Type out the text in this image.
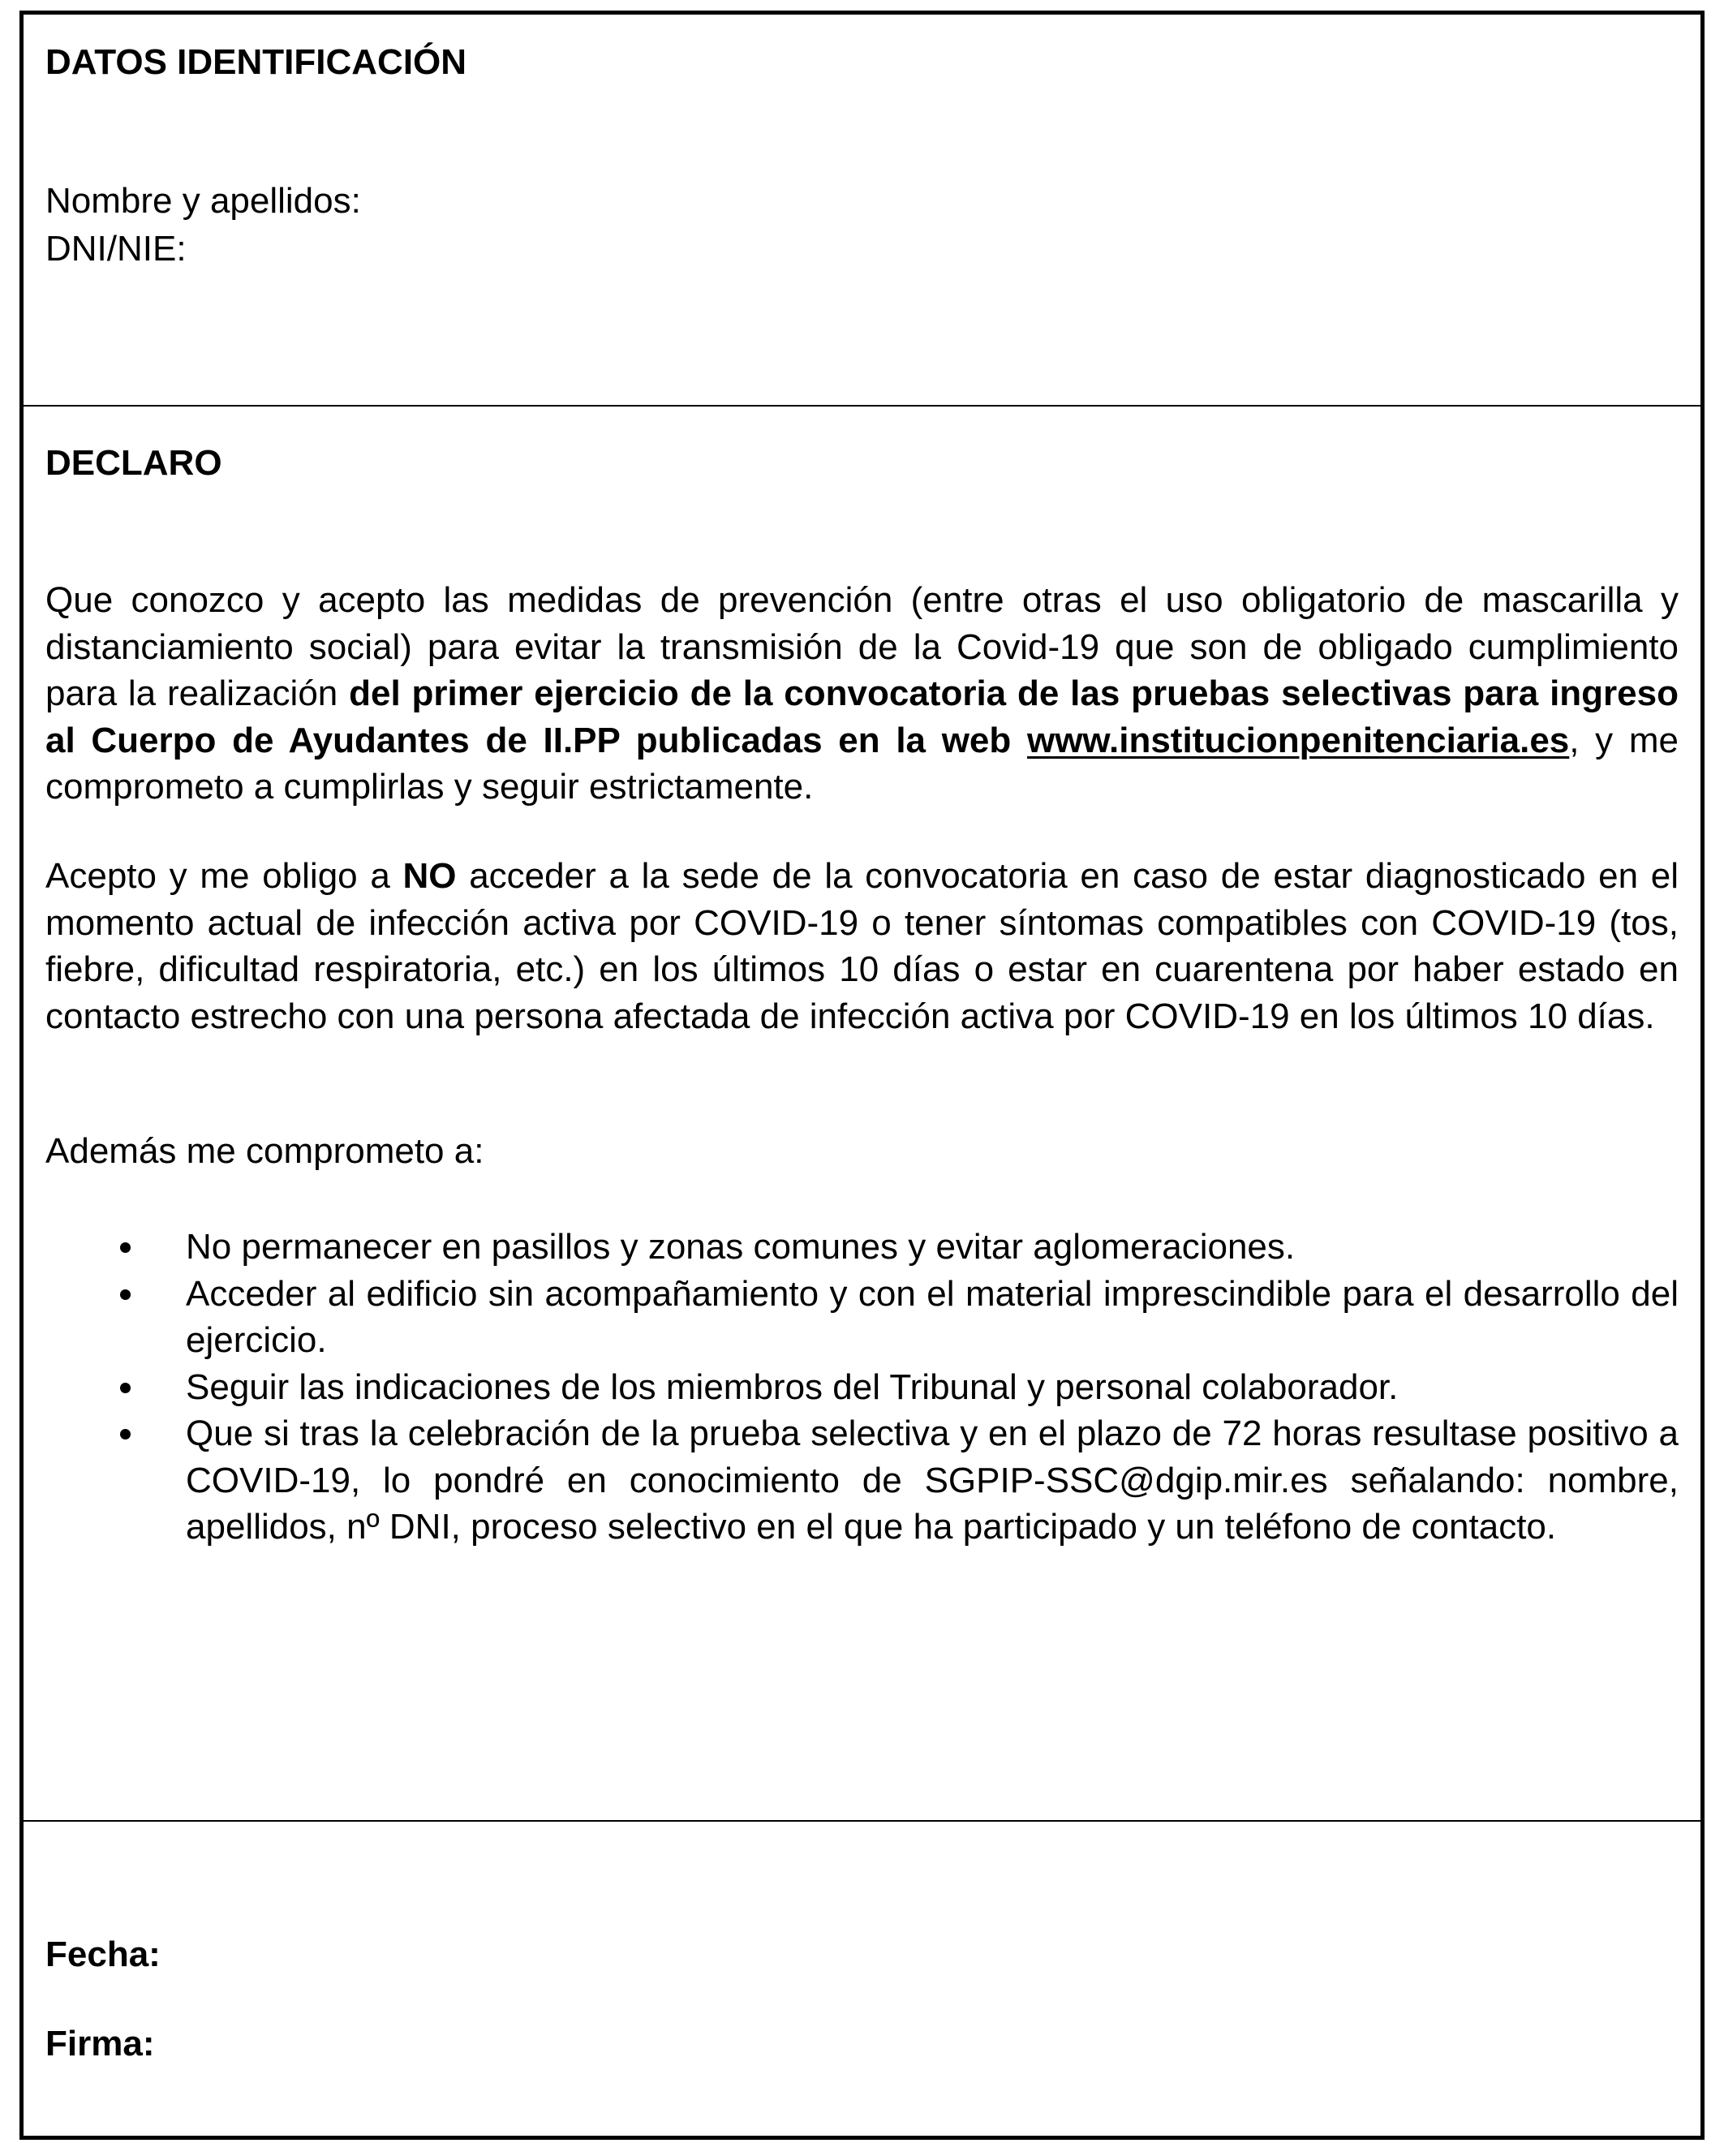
DATOS IDENTIFICACIÓN
Nombre y apellidos:
DNI/NIE:
DECLARO

Que conozco y acepto las medidas de prevención (entre otras el uso obligatorio de mascarilla y distanciamiento social) para evitar la transmisión de la Covid-19 que son de obligado cumplimiento para la realización del primer ejercicio de la convocatoria de las pruebas selectivas para ingreso al Cuerpo de Ayudantes de II.PP publicadas en la web www.institucionpenitenciaria.es, y me comprometo a cumplirlas y seguir estrictamente.

Acepto y me obligo a NO acceder a la sede de la convocatoria en caso de estar diagnosticado en el momento actual de infección activa por COVID-19 o tener síntomas compatibles con COVID-19 (tos, fiebre, dificultad respiratoria, etc.) en los últimos 10 días o estar en cuarentena por haber estado en contacto estrecho con una persona afectada de infección activa por COVID-19 en los últimos 10 días.

Además me comprometo a:

No permanecer en pasillos y zonas comunes y evitar aglomeraciones.
Acceder al edificio sin acompañamiento y con el material imprescindible para el desarrollo del ejercicio.
Seguir las indicaciones de los miembros del Tribunal y personal colaborador.
Que si tras la celebración de la prueba selectiva y en el plazo de 72 horas resultase positivo a COVID-19, lo pondré en conocimiento de SGPIP-SSC@dgip.mir.es señalando: nombre, apellidos, nº DNI, proceso selectivo en el que ha participado y un teléfono de contacto.
Fecha:
Firma:
